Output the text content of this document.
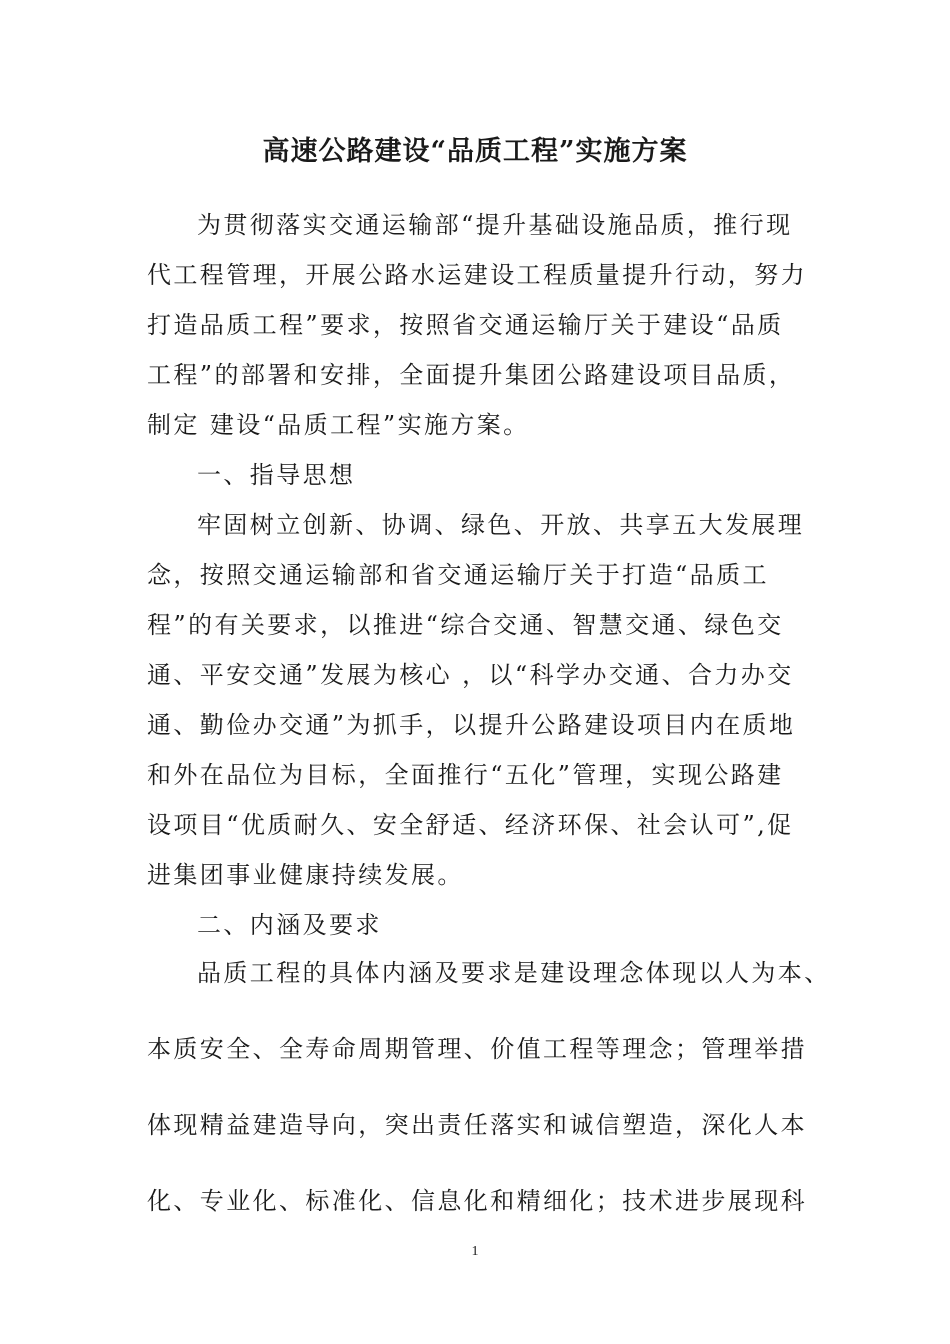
高速公路建设“品质工程”实施方案
为贯彻落实交通运输部“提升基础设施品质，推行现
代工程管理，开展公路水运建设工程质量提升行动，努力
打造品质工程”要求，按照省交通运输厅关于建设“品质
工程”的部署和安排，全面提升集团公路建设项目品质，
制定 建设“品质工程”实施方案。
一、指导思想
牢固树立创新、协调、绿色、开放、共享五大发展理
念，按照交通运输部和省交通运输厅关于打造“品质工
程”的有关要求，以推进“综合交通、智慧交通、绿色交
通、平安交通”发展为核心 ，以“科学办交通、合力办交
通、勤俭办交通”为抓手，以提升公路建设项目内在质地
和外在品位为目标，全面推行“五化”管理，实现公路建
设项目“优质耐久、安全舒适、经济环保、社会认可”,促
进集团事业健康持续发展。
二、内涵及要求
品质工程的具体内涵及要求是建设理念体现以人为本、
本质安全、全寿命周期管理、价值工程等理念；管理举措
体现精益建造导向，突出责任落实和诚信塑造，深化人本
化、专业化、标准化、信息化和精细化；技术进步展现科
1
